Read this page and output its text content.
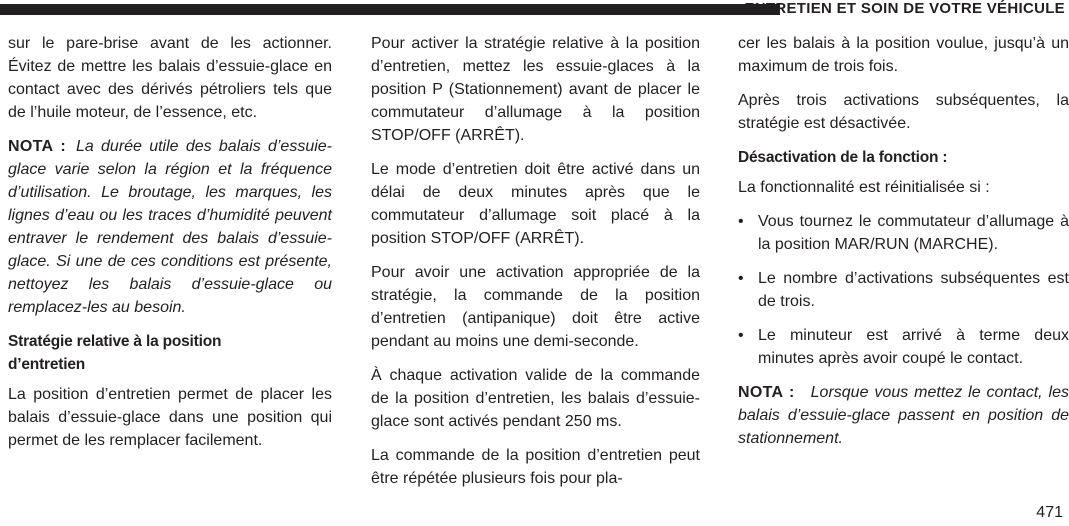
ENTRETIEN ET SOIN DE VOTRE VÉHICULE

sur le pare-brise avant de les actionner. Évitez de mettre les balais d’essuie-glace en contact avec des dérivés pétroliers tels que de l’huile moteur, de l’essence, etc.

NOTA : La durée utile des balais d’essuie-glace varie selon la région et la fréquence d’utilisation. Le broutage, les marques, les lignes d’eau ou les traces d’humidité peuvent entraver le rendement des balais d’essuie-glace. Si une de ces conditions est présente, nettoyez les balais d’essuie-glace ou remplacez-les au besoin.

Stratégie relative à la position d’entretien

La position d’entretien permet de placer les balais d’essuie-glace dans une position qui permet de les remplacer facilement.

Pour activer la stratégie relative à la position d’entretien, mettez les essuie-glaces à la position P (Stationnement) avant de placer le commutateur d’allumage à la position STOP/OFF (ARRÊT).

Le mode d’entretien doit être activé dans un délai de deux minutes après que le commutateur d’allumage soit placé à la position STOP/OFF (ARRÊT).

Pour avoir une activation appropriée de la stratégie, la commande de la position d’entretien (antipanique) doit être active pendant au moins une demi-seconde.

À chaque activation valide de la commande de la position d’entretien, les balais d’essuie-glace sont activés pendant 250 ms.

La commande de la position d’entretien peut être répétée plusieurs fois pour pla-

cer les balais à la position voulue, jusqu’à un maximum de trois fois.

Après trois activations subséquentes, la stratégie est désactivée.

Désactivation de la fonction :

La fonctionnalité est réinitialisée si :

• Vous tournez le commutateur d’allumage à la position MAR/RUN (MARCHE).
• Le nombre d’activations subséquentes est de trois.
• Le minuteur est arrivé à terme deux minutes après avoir coupé le contact.

NOTA : Lorsque vous mettez le contact, les balais d’essuie-glace passent en position de stationnement.

471
